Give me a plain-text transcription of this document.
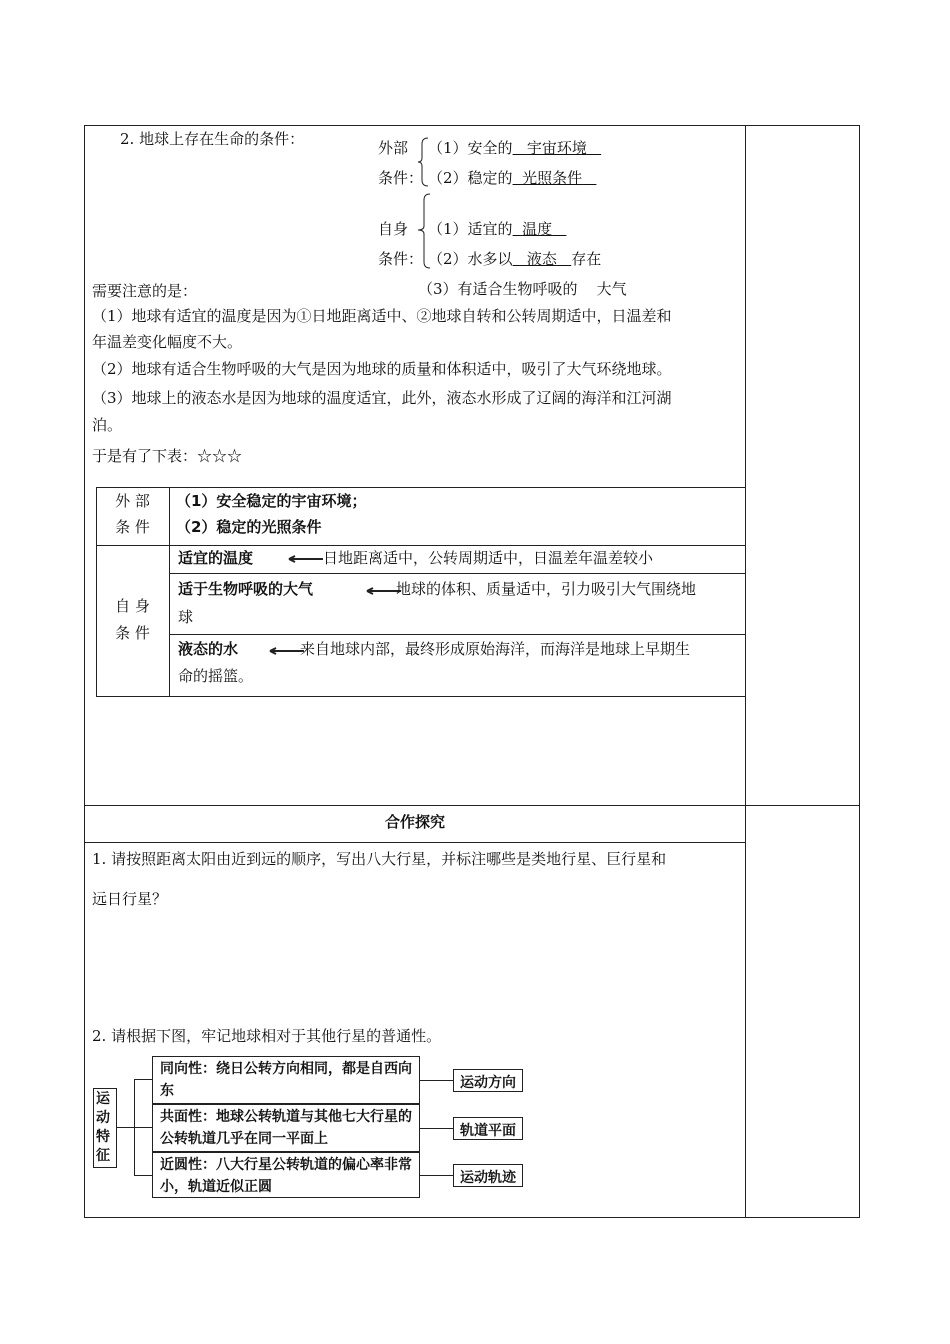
2. 地球上存在生命的条件：	外部
条件：
（1）安全的 宇宙环境
（2）稳定的 光照条件
自身
条件：
（1）适宜的 温度
（2）水多以 液态 存在
（3）有适合生物呼吸的 大气
需要注意的是：
（1）地球有适宜的温度是因为①日地距离适中、②地球自转和公转周期适中，日温差和
年温差变化幅度不大。
（2）地球有适合生物呼吸的大气是因为地球的质量和体积适中，吸引了大气环绕地球。
（3）地球上的液态水是因为地球的温度适宜，此外，液态水形成了辽阔的海洋和江河湖
泊。
于是有了下表：☆☆☆
外 部
条 件
（1）安全稳定的宇宙环境；
（2）稳定的光照条件
自 身
条 件
适宜的温度	日地距离适中，公转周期适中，日温差年温差较小
适于生物呼吸的大气	地球的体积、质量适中，引力吸引大气围绕地
球
液态的水	来自地球内部，最终形成原始海洋，而海洋是地球上早期生
命的摇篮。
合作探究
1. 请按照距离太阳由近到远的顺序，写出八大行星，并标注哪些是类地行星、巨行星和
远日行星？
2. 请根据下图，牢记地球相对于其他行星的普通性。
运动特征
同向性：绕日公转方向相同，都是自西向东
共面性：地球公转轨道与其他七大行星的公转轨道几乎在同一平面上
近圆性：八大行星公转轨道的偏心率非常小，轨道近似正圆
运动方向
轨道平面
运动轨迹
